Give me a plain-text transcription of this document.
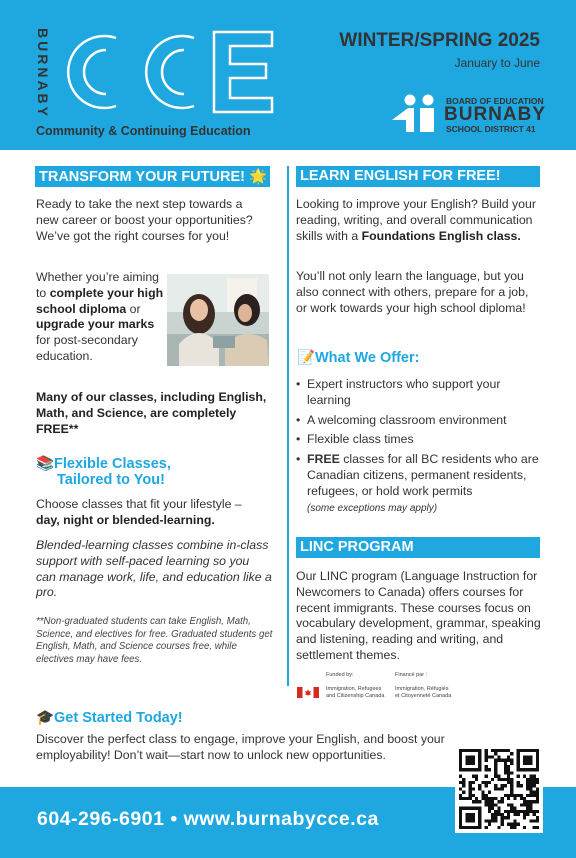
BURNABY
Community & Continuing Education
WINTER/SPRING 2025
January to June
BOARD OF EDUCATION
BURNABY
SCHOOL DISTRICT 41
TRANSFORM YOUR FUTURE! 🌟
Ready to take the next step towards a new career or boost your opportunities? We’ve got the right courses for you!
Whether you’re aiming to complete your high school diploma or upgrade your marks for post-secondary education.
Many of our classes, including English, Math, and Science, are completely FREE**
📚Flexible Classes,
Tailored to You!
Choose classes that fit your lifestyle – day, night or blended-learning.
Blended-learning classes combine in-class support with self-paced learning so you can manage work, life, and education like a pro.
**Non-graduated students can take English, Math, Science, and electives for free. Graduated students get English, Math, and Science courses free, while electives may have fees.
LEARN ENGLISH FOR FREE!
Looking to improve your English? Build your reading, writing, and overall communication skills with a Foundations English class.
You’ll not only learn the language, but you also connect with others, prepare for a job, or work towards your high school diploma!
📝What We Offer:
• Expert instructors who support your learning
• A welcoming classroom environment
• Flexible class times
• FREE classes for all BC residents who are Canadian citizens, permanent residents, refugees, or hold work permits
(some exceptions may apply)
LINC PROGRAM
Our LINC program (Language Instruction for Newcomers to Canada) offers courses for recent immigrants. These courses focus on vocabulary development, grammar, speaking and listening, reading and writing, and settlement themes.
Funded by:	Financé par :
Immigration, Refugees
and Citizenship Canada
Immigration, Réfugiés
et Citoyenneté Canada
🎓Get Started Today!
Discover the perfect class to engage, improve your English, and boost your employability! Don’t wait—start now to unlock new opportunities.
604-296-6901 • www.burnabycce.ca
